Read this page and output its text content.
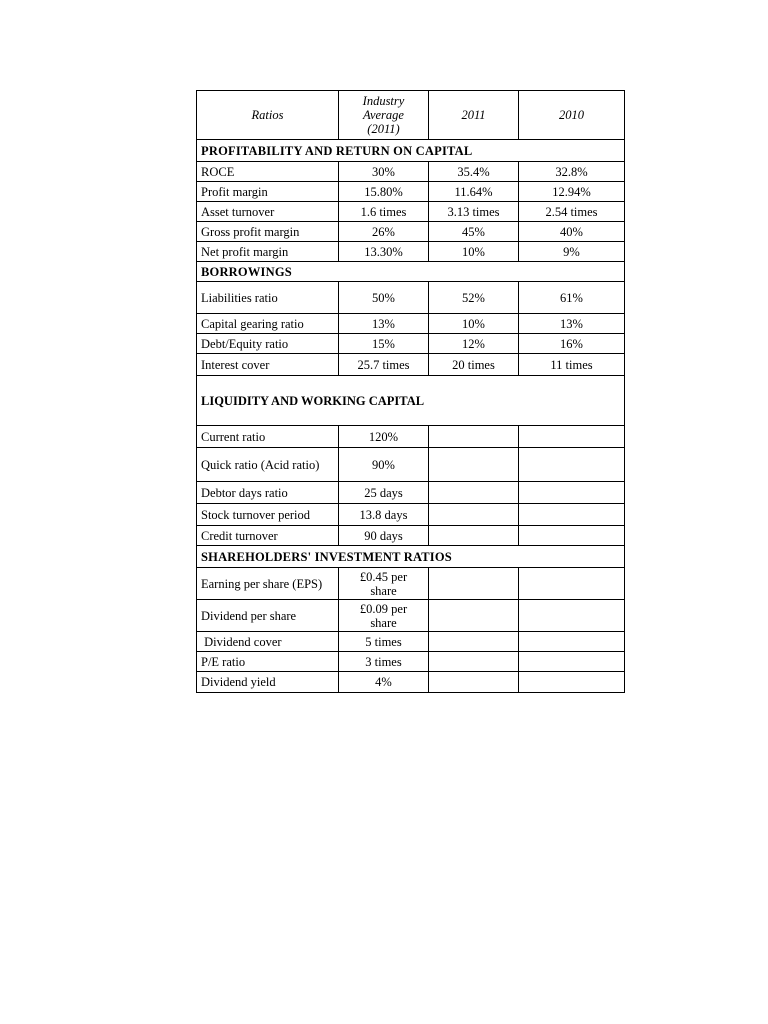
Ratios	Industry Average (2011)	2011	2010
PROFITABILITY AND RETURN ON CAPITAL			
ROCE	30%	35.4%	32.8%
Profit margin	15.80%	11.64%	12.94%
Asset turnover	1.6 times	3.13 times	2.54 times
Gross profit margin	26%	45%	40%
Net profit margin	13.30%	10%	9%
BORROWINGS			
Liabilities ratio	50%	52%	61%
Capital gearing ratio	13%	10%	13%
Debt/Equity ratio	15%	12%	16%
Interest cover	25.7 times	20 times	11 times
LIQUIDITY AND WORKING CAPITAL			
Current ratio	120%		
Quick ratio (Acid ratio)	90%		
Debtor days ratio	25 days		
Stock turnover period	13.8 days		
Credit turnover	90 days		
SHAREHOLDERS' INVESTMENT RATIOS			
Earning per share (EPS)	£0.45 per share		
Dividend per share	£0.09 per share		
Dividend cover	5 times		
P/E ratio	3 times		
Dividend yield	4%		
